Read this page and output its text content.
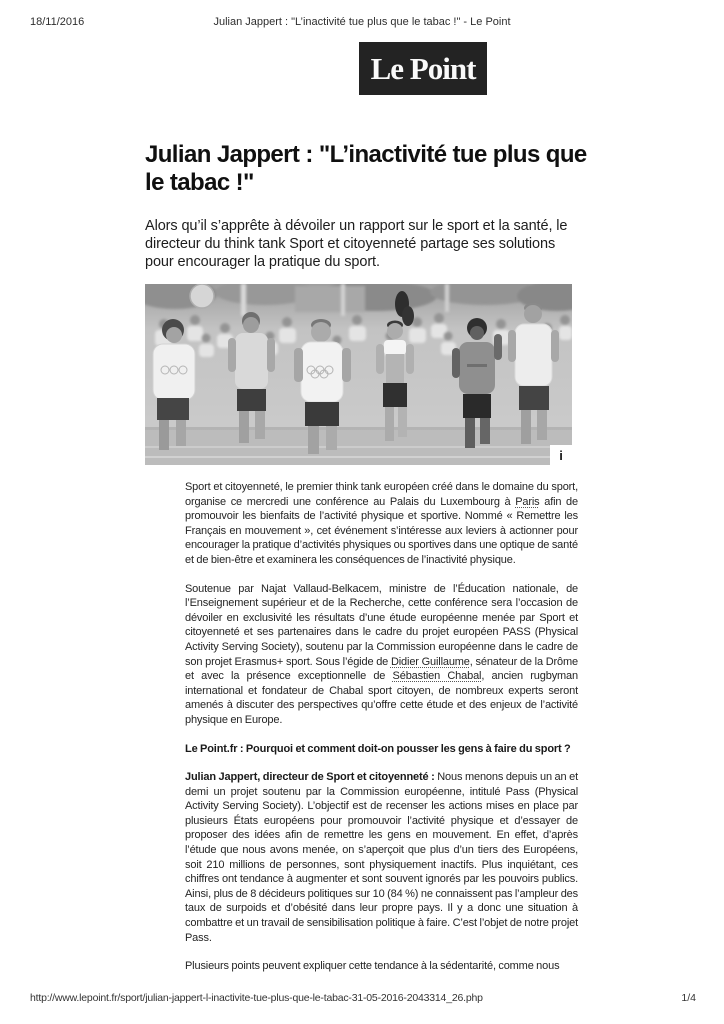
18/11/2016	Julian Jappert : "L’inactivité tue plus que le tabac !" - Le Point
Le Point
Julian Jappert : "L’inactivité tue plus que le tabac !"

Alors qu’il s’apprête à dévoiler un rapport sur le sport et la santé, le directeur du think tank Sport et citoyenneté partage ses solutions pour encourager la pratique du sport.

i

Sport et citoyenneté, le premier think tank européen créé dans le domaine du sport, organise ce mercredi une conférence au Palais du Luxembourg à Paris afin de promouvoir les bienfaits de l’activité physique et sportive. Nommé « Remettre les Français en mouvement », cet événement s’intéresse aux leviers à actionner pour encourager la pratique d’activités physiques ou sportives dans une optique de santé et de bien-être et examinera les conséquences de l’inactivité physique.

Soutenue par Najat Vallaud-Belkacem, ministre de l’Éducation nationale, de l’Enseignement supérieur et de la Recherche, cette conférence sera l’occasion de dévoiler en exclusivité les résultats d’une étude européenne menée par Sport et citoyenneté et ses partenaires dans le cadre du projet européen PASS (Physical Activity Serving Society), soutenu par la Commission européenne dans le cadre de son projet Erasmus+ sport. Sous l’égide de Didier Guillaume, sénateur de la Drôme et avec la présence exceptionnelle de Sébastien Chabal, ancien rugbyman international et fondateur de Chabal sport citoyen, de nombreux experts seront amenés à discuter des perspectives qu’offre cette étude et des enjeux de l’activité physique en Europe.

Le Point.fr : Pourquoi et comment doit-on pousser les gens à faire du sport ?

Julian Jappert, directeur de Sport et citoyenneté : Nous menons depuis un an et demi un projet soutenu par la Commission européenne, intitulé Pass (Physical Activity Serving Society). L’objectif est de recenser les actions mises en place par plusieurs États européens pour promouvoir l’activité physique et d’essayer de proposer des idées afin de remettre les gens en mouvement. En effet, d’après l’étude que nous avons menée, on s’aperçoit que plus d’un tiers des Européens, soit 210 millions de personnes, sont physiquement inactifs. Plus inquiétant, ces chiffres ont tendance à augmenter et sont souvent ignorés par les pouvoirs publics. Ainsi, plus de 8 décideurs politiques sur 10 (84 %) ne connaissent pas l’ampleur des taux de surpoids et d’obésité dans leur propre pays. Il y a donc une situation à combattre et un travail de sensibilisation politique à faire. C’est l’objet de notre projet Pass.

Plusieurs points peuvent expliquer cette tendance à la sédentarité, comme nous

http://www.lepoint.fr/sport/julian-jappert-l-inactivite-tue-plus-que-le-tabac-31-05-2016-2043314_26.php	1/4
